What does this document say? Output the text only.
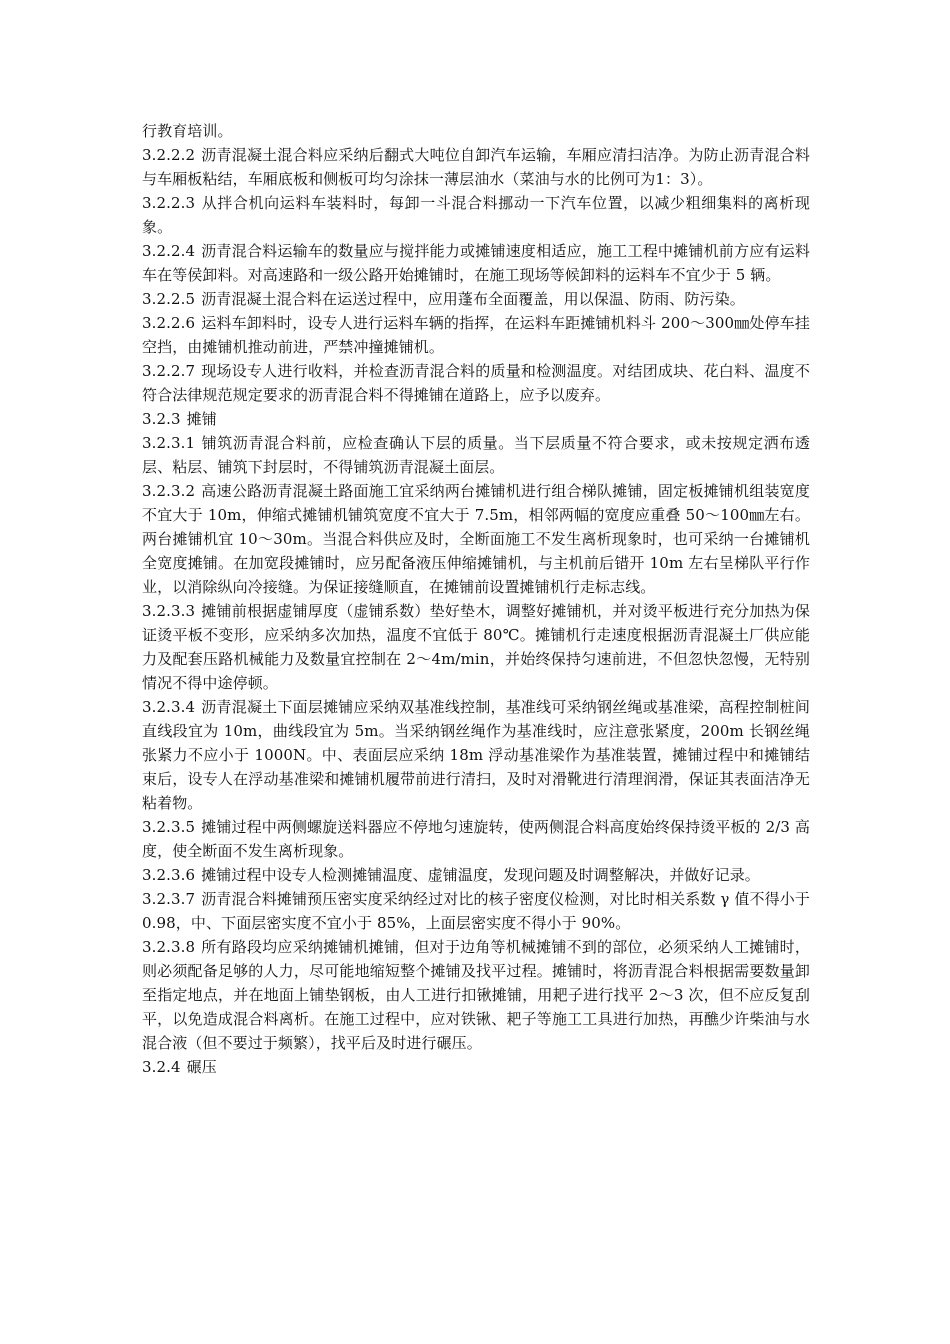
行教育培训。

3.2.2.2 沥青混凝土混合料应采纳后翻式大吨位自卸汽车运输，车厢应清扫洁净。为防止沥青混合料与车厢板粘结，车厢底板和侧板可均匀涂抹一薄层油水（菜油与水的比例可为1：3）。

3.2.2.3 从拌合机向运料车装料时，每卸一斗混合料挪动一下汽车位置，以减少粗细集料的离析现象。

3.2.2.4 沥青混合料运输车的数量应与搅拌能力或摊铺速度相适应，施工工程中摊铺机前方应有运料车在等侯卸料。对高速路和一级公路开始摊铺时，在施工现场等候卸料的运料车不宜少于 5 辆。

3.2.2.5 沥青混凝土混合料在运送过程中，应用蓬布全面覆盖，用以保温、防雨、防污染。

3.2.2.6 运料车卸料时，设专人进行运料车辆的指挥，在运料车距摊铺机料斗 200～300㎜处停车挂空挡，由摊铺机推动前进，严禁冲撞摊铺机。

3.2.2.7 现场设专人进行收料，并检查沥青混合料的质量和检测温度。对结团成块、花白料、温度不符合法律规范规定要求的沥青混合料不得摊铺在道路上，应予以废弃。

3.2.3 摊铺

3.2.3.1 铺筑沥青混合料前，应检查确认下层的质量。当下层质量不符合要求，或未按规定洒布透层、粘层、铺筑下封层时，不得铺筑沥青混凝土面层。

3.2.3.2 高速公路沥青混凝土路面施工宜采纳两台摊铺机进行组合梯队摊铺，固定板摊铺机组装宽度不宜大于 10m，伸缩式摊铺机铺筑宽度不宜大于 7.5m，相邻两幅的宽度应重叠 50～100㎜左右。两台摊铺机宜 10～30m。当混合料供应及时，全断面施工不发生离析现象时，也可采纳一台摊铺机全宽度摊铺。在加宽段摊铺时，应另配备液压伸缩摊铺机，与主机前后错开 10m 左右呈梯队平行作业，以消除纵向冷接缝。为保证接缝顺直，在摊铺前设置摊铺机行走标志线。

3.2.3.3 摊铺前根据虚铺厚度（虚铺系数）垫好垫木，调整好摊铺机，并对烫平板进行充分加热为保证烫平板不变形，应采纳多次加热，温度不宜低于 80℃。摊铺机行走速度根据沥青混凝土厂供应能力及配套压路机械能力及数量宜控制在 2～4m/min，并始终保持匀速前进，不但忽快忽慢，无特别情况不得中途停顿。

3.2.3.4 沥青混凝土下面层摊铺应采纳双基准线控制，基准线可采纳钢丝绳或基准梁，高程控制桩间直线段宜为 10m，曲线段宜为 5m。当采纳钢丝绳作为基准线时，应注意张紧度，200m 长钢丝绳张紧力不应小于 1000N。中、表面层应采纳 18m 浮动基准梁作为基准装置，摊铺过程中和摊铺结束后，设专人在浮动基准梁和摊铺机履带前进行清扫，及时对滑靴进行清理润滑，保证其表面洁净无粘着物。

3.2.3.5 摊铺过程中两侧螺旋送料器应不停地匀速旋转，使两侧混合料高度始终保持烫平板的 2/3 高度，使全断面不发生离析现象。

3.2.3.6 摊铺过程中设专人检测摊铺温度、虚铺温度，发现问题及时调整解决，并做好记录。

3.2.3.7 沥青混合料摊铺预压密实度采纳经过对比的核子密度仪检测，对比时相关系数 γ 值不得小于 0.98，中、下面层密实度不宜小于 85%，上面层密实度不得小于 90%。

3.2.3.8 所有路段均应采纳摊铺机摊铺，但对于边角等机械摊铺不到的部位，必须采纳人工摊铺时，则必须配备足够的人力，尽可能地缩短整个摊铺及找平过程。摊铺时，将沥青混合料根据需要数量卸至指定地点，并在地面上铺垫钢板，由人工进行扣锹摊铺，用耙子进行找平 2～3 次，但不应反复刮平，以免造成混合料离析。在施工过程中，应对铁锹、耙子等施工工具进行加热，再醮少许柴油与水混合液（但不要过于频繁），找平后及时进行碾压。

3.2.4 碾压
